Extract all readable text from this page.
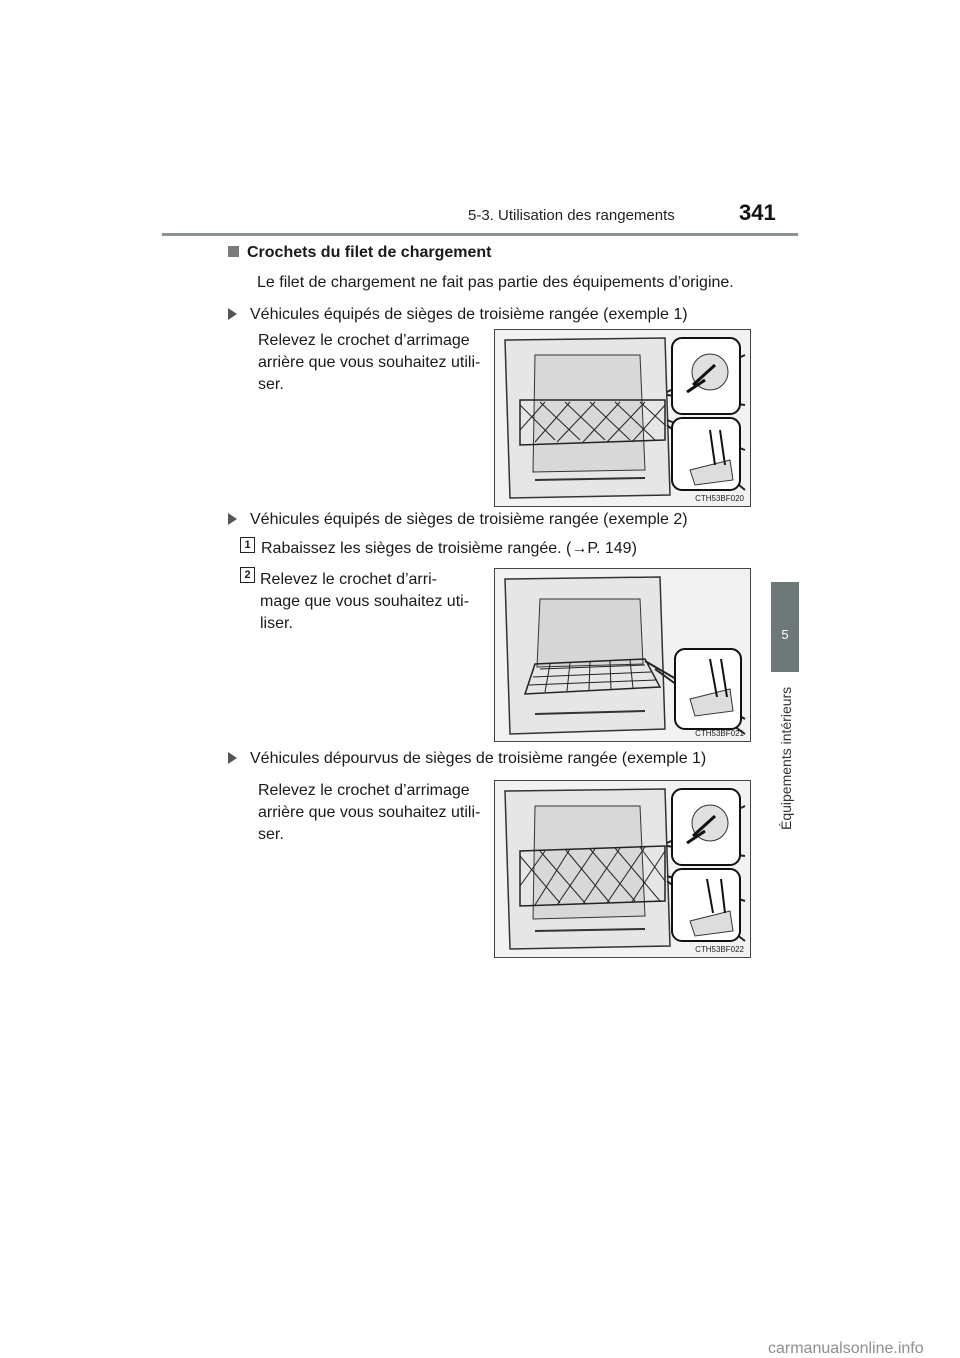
5-3. Utilisation des rangements	341
5
Équipements intérieurs
Crochets du filet de chargement
Le filet de chargement ne fait pas partie des équipements d’origine.
Véhicules équipés de sièges de troisième rangée (exemple 1)
Relevez le crochet d’arrimage
arrière que vous souhaitez utili-
ser.
CTH53BF020
Véhicules équipés de sièges de troisième rangée (exemple 2)
1 Rabaissez les sièges de troisième rangée. (→P. 149)
2 Relevez le crochet d’arri-
mage que vous souhaitez uti-
liser.
CTH53BF021
Véhicules dépourvus de sièges de troisième rangée (exemple 1)
Relevez le crochet d’arrimage
arrière que vous souhaitez utili-
ser.
CTH53BF022
carmanualsonline.info
